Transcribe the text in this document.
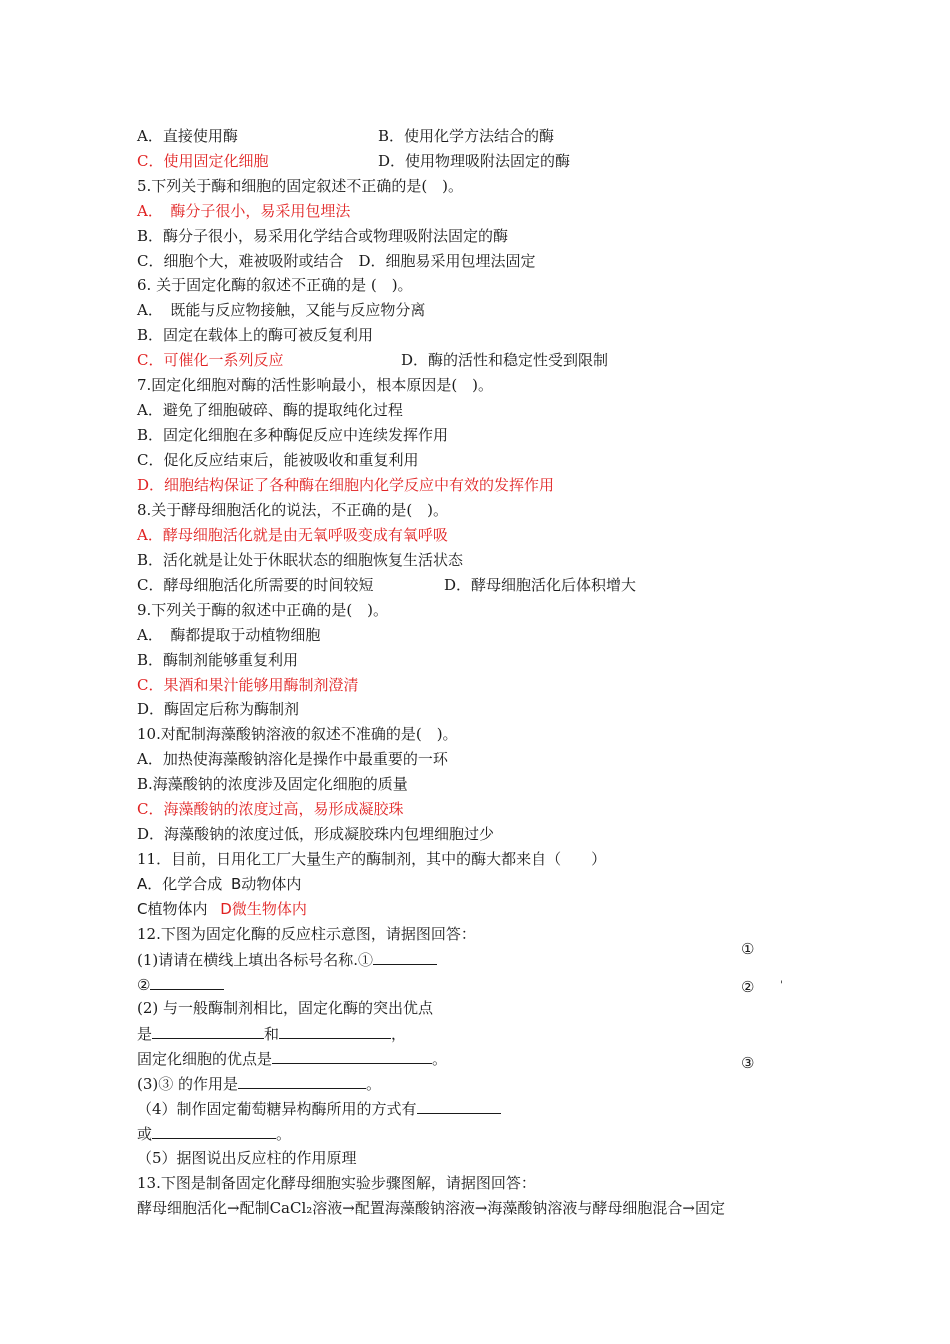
A．直接使用酶	B．使用化学方法结合的酶
C．使用固定化细胞	D．使用物理吸附法固定的酶
5.下列关于酶和细胞的固定叙述不正确的是(　)。
A．　酶分子很小，易采用包埋法
B．酶分子很小，易采用化学结合或物理吸附法固定的酶
C．细胞个大，难被吸附或结合　D．细胞易采用包埋法固定
6. 关于固定化酶的叙述不正确的是 (　)。
A．　既能与反应物接触，又能与反应物分离
B．固定在载体上的酶可被反复利用
C．可催化一系列反应	D．酶的活性和稳定性受到限制
7.固定化细胞对酶的活性影响最小，根本原因是(　)。
A．避免了细胞破碎、酶的提取纯化过程
B．固定化细胞在多种酶促反应中连续发挥作用
C．促化反应结束后，能被吸收和重复利用
D．细胞结构保证了各种酶在细胞内化学反应中有效的发挥作用
8.关于酵母细胞活化的说法，不正确的是(　)。
A．酵母细胞活化就是由无氧呼吸变成有氧呼吸
B．活化就是让处于休眠状态的细胞恢复生活状态
C．酵母细胞活化所需要的时间较短	D．酵母细胞活化后体积增大
9.下列关于酶的叙述中正确的是(　)。
A．　酶都提取于动植物细胞
B．酶制剂能够重复利用
C．果酒和果汁能够用酶制剂澄清
D．酶固定后称为酶制剂
10.对配制海藻酸钠溶液的叙述不准确的是(　)。
A．加热使海藻酸钠溶化是操作中最重要的一环
B.海藻酸钠的浓度涉及固定化细胞的质量
C．海藻酸钠的浓度过高，易形成凝胶珠
D．海藻酸钠的浓度过低，形成凝胶珠内包埋细胞过少
11．目前，日用化工厂大量生产的酶制剂，其中的酶大都来自（　　）
A．化学合成 B动物体内
C植物体内 D微生物体内
12.下图为固定化酶的反应柱示意图，请据图回答：
(1)请请在横线上填出各标号名称.①
②
(2) 与一般酶制剂相比，固定化酶的突出优点
是	和	，
固定化细胞的优点是	。
(3)③ 的作用是	。
（4）制作固定葡萄糖异构酶所用的方式有
或	。
（5）据图说出反应柱的作用原理
13.下图是制备固定化酵母细胞实验步骤图解，请据图回答：
酵母细胞活化→配制CaCl₂溶液→配置海藻酸钠溶液→海藻酸钠溶液与酵母细胞混合→固定
①
②
③
'
